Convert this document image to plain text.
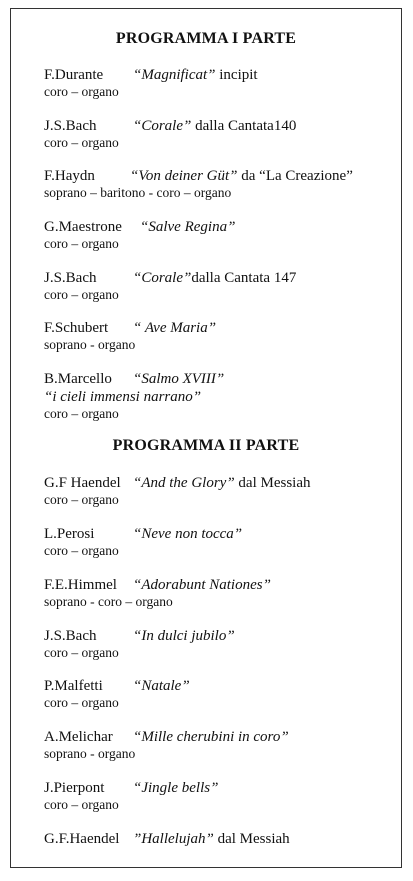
PROGRAMMA I PARTE
F.Durante “Magnificat” incipit
coro – organo
J.S.Bach “Corale” dalla Cantata140
coro – organo
F.Haydn “Von deiner Güt” da “La Creazione”
soprano – baritono - coro – organo
G.Maestrone “Salve Regina”
coro – organo
J.S.Bach “Corale”dalla Cantata 147
coro – organo
F.Schubert “ Ave Maria”
soprano - organo
B.Marcello “Salmo XVIII”
“i cieli immensi narrano”
coro – organo
PROGRAMMA II PARTE
G.F Haendel “And the Glory” dal Messiah
coro – organo
L.Perosi	“Neve non tocca”
coro – organo
F.E.Himmel “Adorabunt Nationes”
soprano - coro – organo
J.S.Bach “In dulci jubilo”
coro – organo
P.Malfetti “Natale”
coro – organo
A.Melichar “Mille cherubini in coro”
soprano - organo
J.Pierpont “Jingle bells”
coro – organo
G.F.Haendel ”Hallelujah” dal Messiah
